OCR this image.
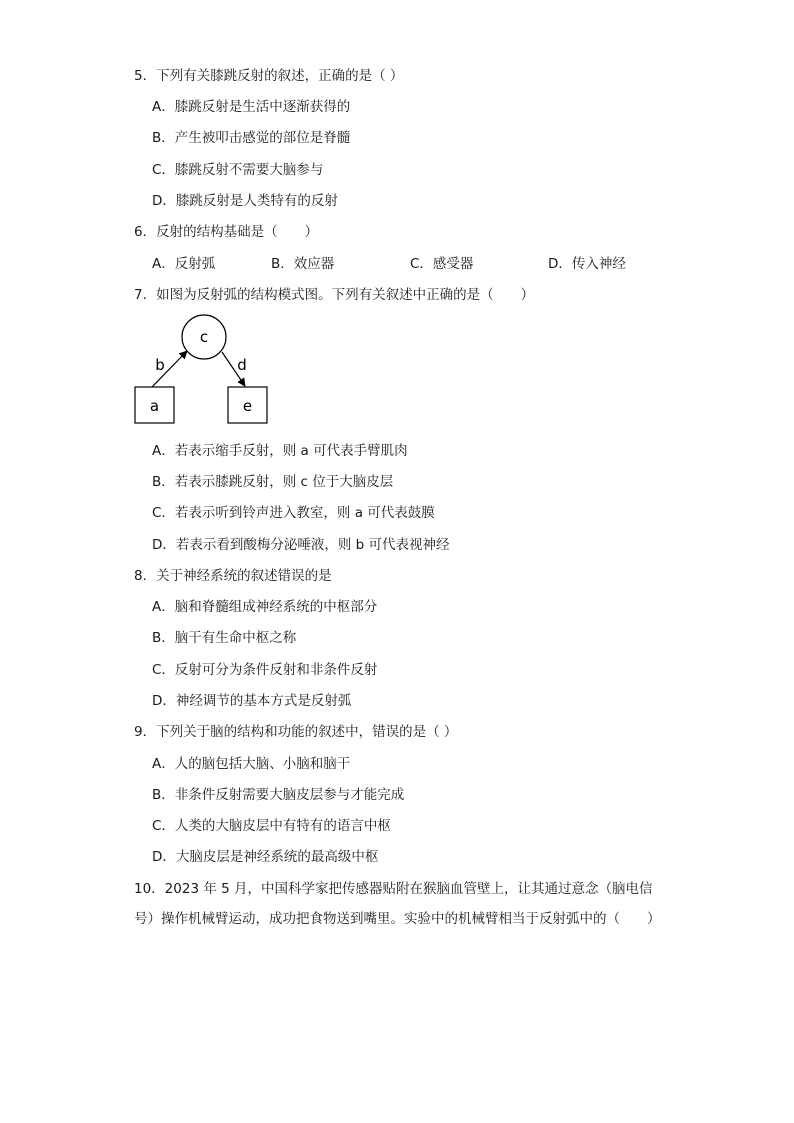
5．下列有关膝跳反射的叙述，正确的是（ ）
A．膝跳反射是生活中逐渐获得的
B．产生被叩击感觉的部位是脊髓
C．膝跳反射不需要大脑参与
D．膝跳反射是人类特有的反射
6．反射的结构基础是（　　）
A．反射弧	B．效应器	C．感受器	D．传入神经
7．如图为反射弧的结构模式图。下列有关叙述中正确的是（　　）
c
a	e
b	d
A．若表示缩手反射，则 a 可代表手臂肌肉
B．若表示膝跳反射，则 c 位于大脑皮层
C．若表示听到铃声进入教室，则 a 可代表鼓膜
D．若表示看到酸梅分泌唾液，则 b 可代表视神经
8．关于神经系统的叙述错误的是
A．脑和脊髓组成神经系统的中枢部分
B．脑干有生命中枢之称
C．反射可分为条件反射和非条件反射
D．神经调节的基本方式是反射弧
9．下列关于脑的结构和功能的叙述中，错误的是（ ）
A．人的脑包括大脑、小脑和脑干
B．非条件反射需要大脑皮层参与才能完成
C．人类的大脑皮层中有特有的语言中枢
D．大脑皮层是神经系统的最高级中枢
10．2023 年 5 月，中国科学家把传感器贴附在猴脑血管壁上，让其通过意念（脑电信
号）操作机械臂运动，成功把食物送到嘴里。实验中的机械臂相当于反射弧中的（　　）
